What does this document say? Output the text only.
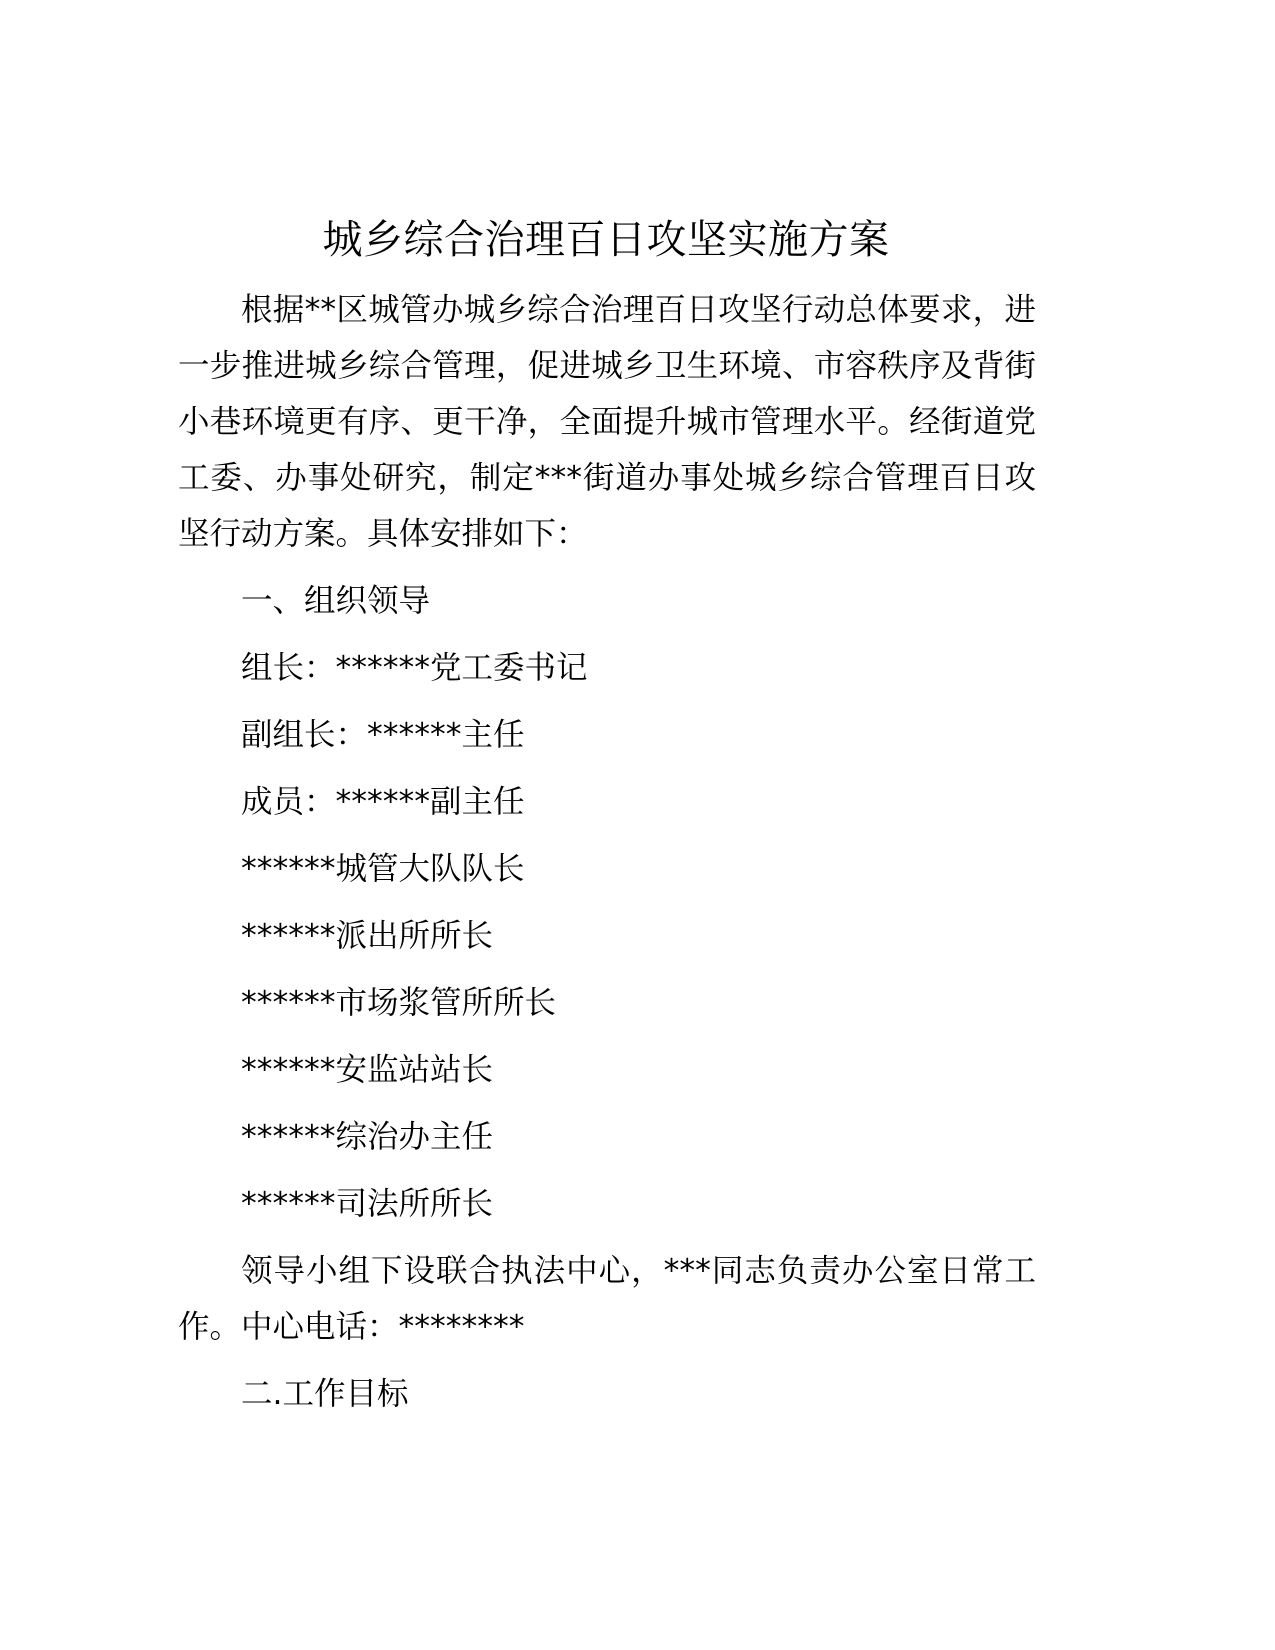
城乡综合治理百日攻坚实施方案

根据**区城管办城乡综合治理百日攻坚行动总体要求，进一步推进城乡综合管理，促进城乡卫生环境、市容秩序及背街小巷环境更有序、更干净，全面提升城市管理水平。经街道党工委、办事处研究，制定***街道办事处城乡综合管理百日攻坚行动方案。具体安排如下：

一、组织领导

组长：******党工委书记

副组长：******主任

成员：******副主任

******城管大队队长

******派出所所长

******市场浆管所所长

******安监站站长

******综治办主任

******司法所所长

领导小组下设联合执法中心，***同志负责办公室日常工作。中心电话：********

二.工作目标
